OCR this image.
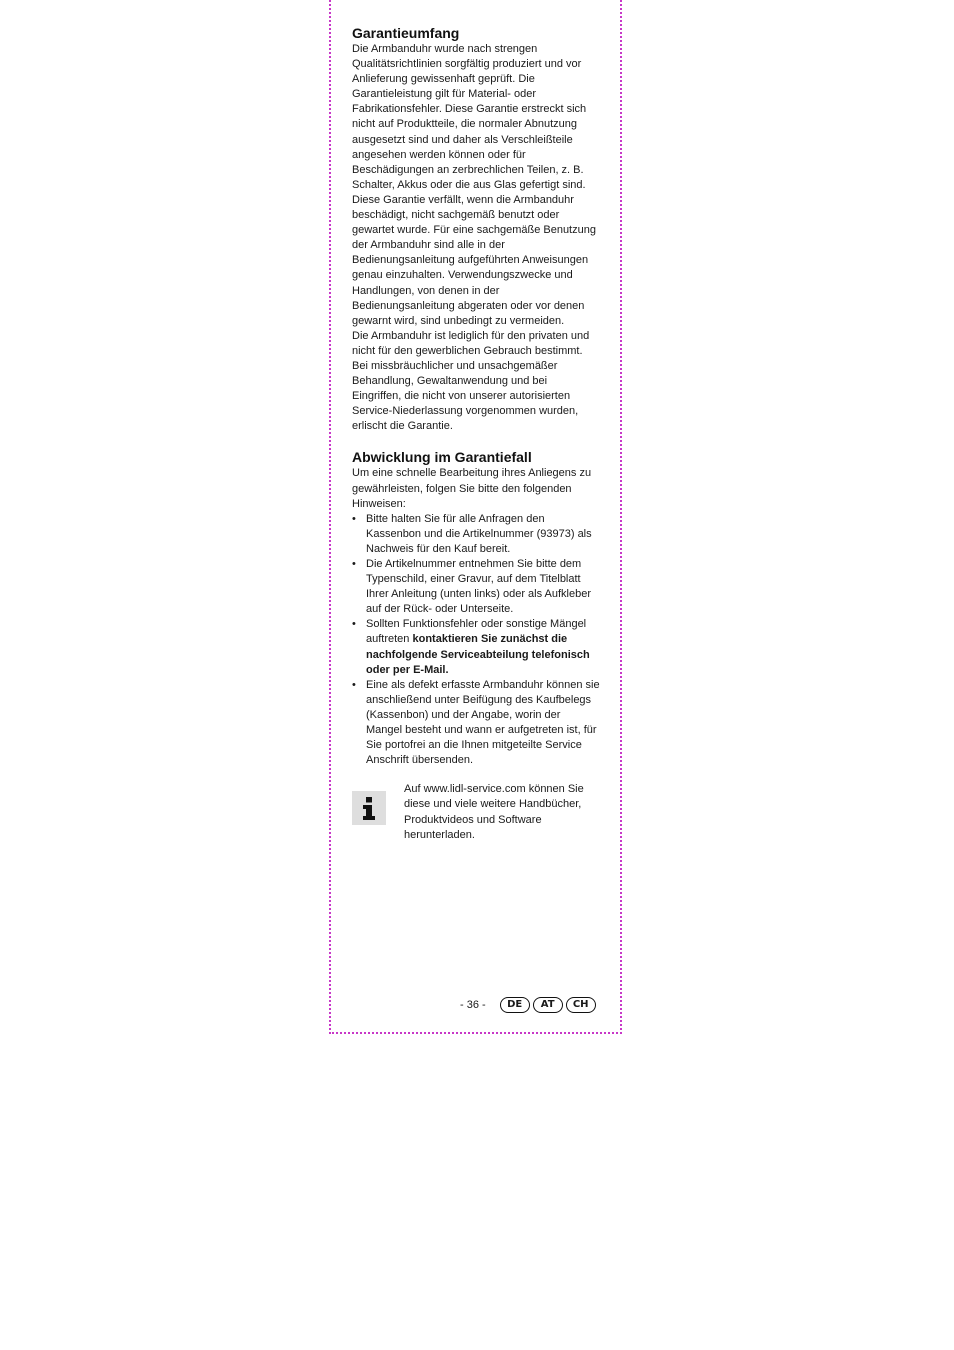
Garantieumfang

Die Armbanduhr wurde nach strengen
Qualitätsrichtlinien sorgfältig produziert und vor
Anlieferung gewissenhaft geprüft. Die
Garantieleistung gilt für Material- oder
Fabrikationsfehler. Diese Garantie erstreckt sich
nicht auf Produktteile, die normaler Abnutzung
ausgesetzt sind und daher als Verschleißteile
angesehen werden können oder für
Beschädigungen an zerbrechlichen Teilen, z. B.
Schalter, Akkus oder die aus Glas gefertigt sind.
Diese Garantie verfällt, wenn die Armbanduhr
beschädigt, nicht sachgemäß benutzt oder
gewartet wurde. Für eine sachgemäße Benutzung
der Armbanduhr sind alle in der
Bedienungsanleitung aufgeführten Anweisungen
genau einzuhalten. Verwendungszwecke und
Handlungen, von denen in der
Bedienungsanleitung abgeraten oder vor denen
gewarnt wird, sind unbedingt zu vermeiden.
Die Armbanduhr ist lediglich für den privaten und
nicht für den gewerblichen Gebrauch bestimmt.
Bei missbräuchlicher und unsachgemäßer
Behandlung, Gewaltanwendung und bei
Eingriffen, die nicht von unserer autorisierten
Service-Niederlassung vorgenommen wurden,
erlischt die Garantie.

Abwicklung im Garantiefall

Um eine schnelle Bearbeitung ihres Anliegens zu
gewährleisten, folgen Sie bitte den folgenden
Hinweisen:

• Bitte halten Sie für alle Anfragen den
Kassenbon und die Artikelnummer (93973) als
Nachweis für den Kauf bereit.
• Die Artikelnummer entnehmen Sie bitte dem
Typenschild, einer Gravur, auf dem Titelblatt
Ihrer Anleitung (unten links) oder als Aufkleber
auf der Rück- oder Unterseite.
• Sollten Funktionsfehler oder sonstige Mängel
auftreten kontaktieren Sie zunächst die
nachfolgende Serviceabteilung telefonisch
oder per E-Mail.
• Eine als defekt erfasste Armbanduhr können sie
anschließend unter Beifügung des Kaufbelegs
(Kassenbon) und der Angabe, worin der
Mangel besteht und wann er aufgetreten ist, für
Sie portofrei an die Ihnen mitgeteilte Service
Anschrift übersenden.
Auf www.lidl-service.com können Sie
diese und viele weitere Handbücher,
Produktvideos und Software
herunterladen.
- 36 -	DE	AT	CH
